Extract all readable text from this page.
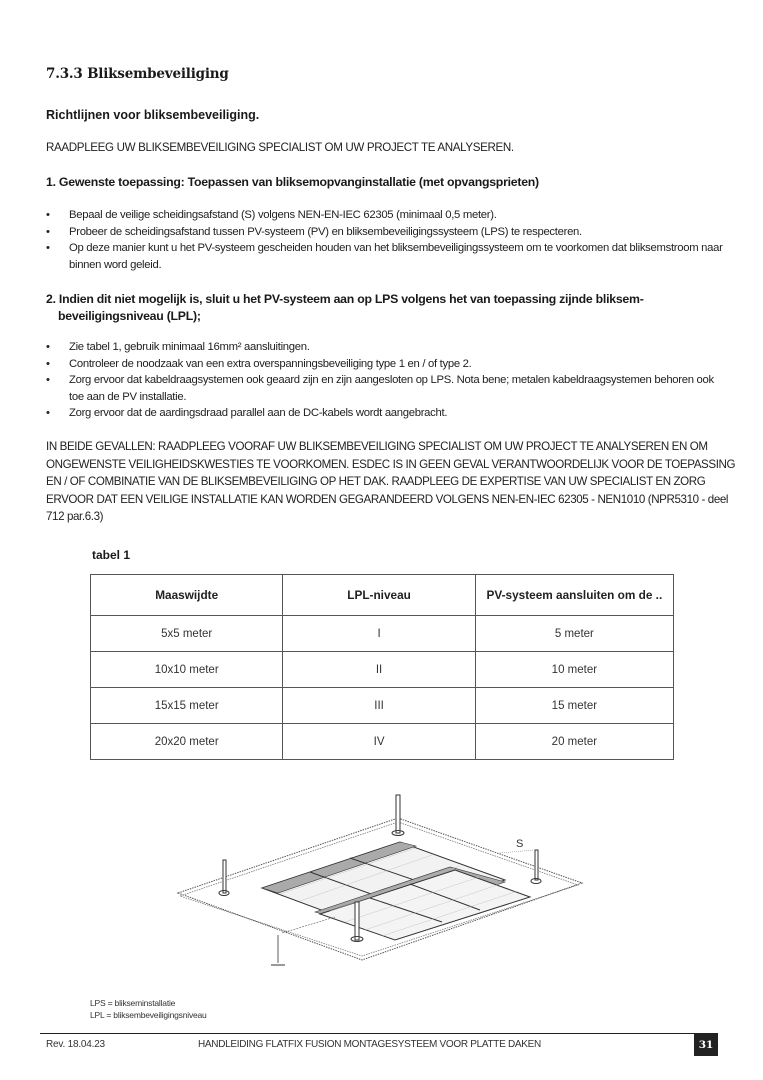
7.3.3 Bliksembeveiliging
Richtlijnen voor bliksembeveiliging.
RAADPLEEG UW BLIKSEMBEVEILIGING SPECIALIST OM UW PROJECT TE ANALYSEREN.
1. Gewenste toepassing: Toepassen van bliksemopvanginstallatie (met opvangsprieten)
• Bepaal de veilige scheidingsafstand (S) volgens NEN-EN-IEC 62305 (minimaal 0,5 meter).
• Probeer de scheidingsafstand tussen PV-systeem (PV) en bliksembeveiligingssysteem (LPS) te respecteren.
• Op deze manier kunt u het PV-systeem gescheiden houden van het bliksembeveiligingssysteem om te voorkomen dat bliksemstroom naar binnen word geleid.
2. Indien dit niet mogelijk is, sluit u het PV-systeem aan op LPS volgens het van toepassing zijnde bliksem-
beveiligingsniveau (LPL);
• Zie tabel 1, gebruik minimaal 16mm² aansluitingen.
• Controleer de noodzaak van een extra overspanningsbeveiliging type 1 en / of type 2.
• Zorg ervoor dat kabeldraagsystemen ook geaard zijn en zijn aangesloten op LPS. Nota bene; metalen kabeldraagsystemen behoren ook toe aan de PV installatie.
• Zorg ervoor dat de aardingsdraad parallel aan de DC-kabels wordt aangebracht.
IN BEIDE GEVALLEN: RAADPLEEG VOORAF UW BLIKSEMBEVEILIGING SPECIALIST OM UW PROJECT TE ANALYSEREN EN OM ONGEWENSTE VEILIGHEIDSKWESTIES TE VOORKOMEN. ESDEC IS IN GEEN GEVAL VERANTWOORDELIJK VOOR DE TOEPASSING EN / OF COMBINATIE VAN DE BLIKSEMBEVEILIGING OP HET DAK. RAADPLEEG DE EXPERTISE VAN UW SPECIALIST EN ZORG ERVOOR DAT EEN VEILIGE INSTALLATIE KAN WORDEN GEGARANDEERD VOLGENS NEN-EN-IEC 62305 - NEN1010 (NPR5310 - deel 712 par.6.3)
tabel 1
Maaswijdte	LPL-niveau	PV-systeem aansluiten om de ..
5x5 meter	I	5 meter
10x10 meter	II	10 meter
15x15 meter	III	15 meter
20x20 meter	IV	20 meter
S
LPS = blikseminstallatie
LPL = bliksembeveiligingsniveau
Rev. 18.04.23	HANDLEIDING FLATFIX FUSION MONTAGESYSTEEM VOOR PLATTE DAKEN	31
